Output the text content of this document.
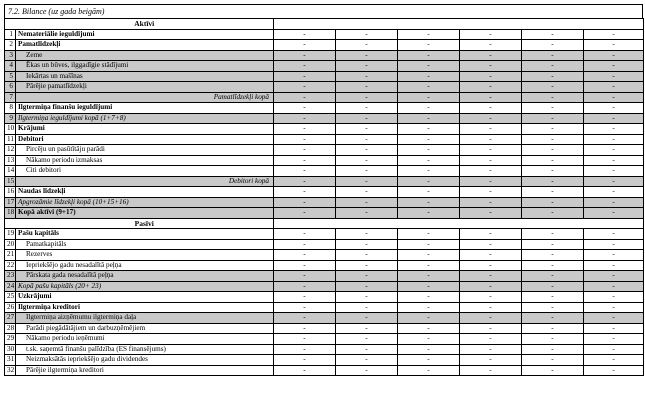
7.2. Bilance (uz gada beigām)
	Aktīvi						
1	Nemateriālie ieguldījumi	-	-	-	-	-	-
2	Pamatlīdzekļi	-	-	-	-	-	-
3	Zeme	-	-	-	-	-	-
4	Ēkas un būves, ilggadīgie stādījumi	-	-	-	-	-	-
5	Iekārtas un mašīnas	-	-	-	-	-	-
6	Pārējie pamatlīdzekļi	-	-	-	-	-	-
7	Pamatlīdzekļi kopā	-	-	-	-	-	-
8	Ilgtermiņa finanšu ieguldījumi	-	-	-	-	-	-
9	Ilgtermiņa ieguldījumi kopā (1+7+8)	-	-	-	-	-	-
10	Krājumi	-	-	-	-	-	-
11	Debitori	-	-	-	-	-	-
12	Pircēju un pasūtītāju parādi	-	-	-	-	-	-
13	Nākamo periodu izmaksas	-	-	-	-	-	-
14	Citi debitori	-	-	-	-	-	-
15	Debitori kopā	-	-	-	-	-	-
16	Naudas līdzekļi	-	-	-	-	-	-
17	Apgrozāmie līdzekļi kopā (10+15+16)	-	-	-	-	-	-
18	Kopā aktīvi (9+17)	-	-	-	-	-	-
	Pasīvi						
19	Pašu kapitāls	-	-	-	-	-	-
20	Pamatkapitāls	-	-	-	-	-	-
21	Rezerves	-	-	-	-	-	-
22	Iepriekšējo gadu nesadalītā peļņa	-	-	-	-	-	-
23	Pārskata gada nesadalītā peļņa	-	-	-	-	-	-
24	Kopā pašu kapitāls (20+ 23)	-	-	-	-	-	-
25	Uzkrājumi	-	-	-	-	-	-
26	Ilgtermiņa kreditori	-	-	-	-	-	-
27	Ilgtermiņa aizņēmumu ilgtermiņa daļa	-	-	-	-	-	-
28	Parādi piegādātājiem un darbuzņēmējiem	-	-	-	-	-	-
29	Nākamo periodu ieņēmumi	-	-	-	-	-	-
30	t.sk. saņemtā finanšu palīdzība (ES finansējums)	-	-	-	-	-	-
31	Neizmaksātās iepriekšējo gadu dividendes	-	-	-	-	-	-
32	Pārējie ilgtermiņa kreditori	-	-	-	-	-	-
